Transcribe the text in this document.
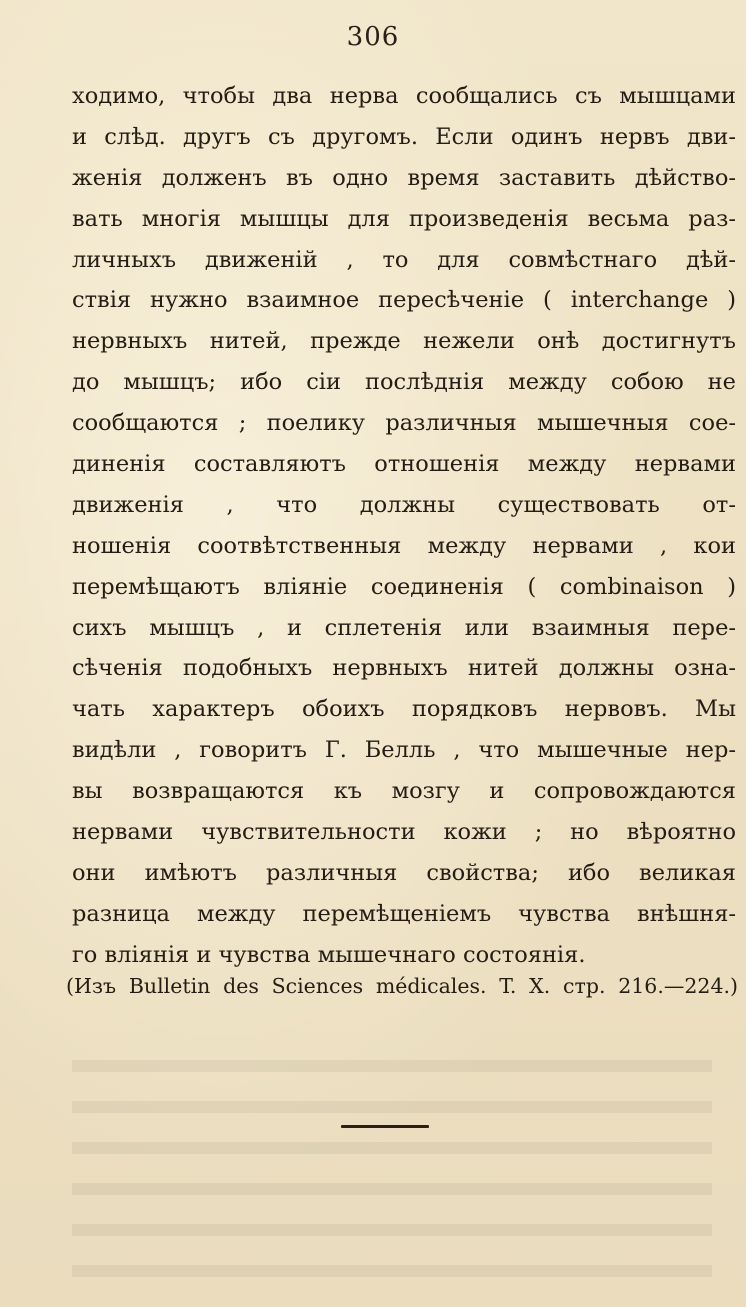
306
ходимо, чтобы два нерва сообщались съ мышцами
и слѣд. другъ съ другомъ. Если одинъ нервъ дви-
женія долженъ въ одно время заставить дѣйство-
вать многія мышцы для произведенія весьма раз-
личныхъ движеній , то для совмѣстнаго дѣй-
ствія нужно взаимное пересѣченіе ( interchange )
нервныхъ нитей, прежде нежели онѣ достигнутъ
до мышцъ; ибо сіи послѣднія между собою не
сообщаются ; поелику различныя мышечныя сое-
диненія составляютъ отношенія между нервами
движенія , что должны существовать от-
ношенія соотвѣтственныя между нервами , кои
перемѣщаютъ вліяніе соединенія ( combinaison )
сихъ мышцъ , и сплетенія или взаимныя пере-
сѣченія подобныхъ нервныхъ нитей должны озна-
чать характеръ обоихъ порядковъ нервовъ. Мы
видѣли , говоритъ Г. Белль , что мышечные нер-
вы возвращаются къ мозгу и сопровождаются
нервами чувствительности кожи ; но вѣроятно
они имѣютъ различныя свойства; ибо великая
разница между перемѣщеніемъ чувства внѣшня-
го вліянія и чувства мышечнаго состоянія.
(Изъ Bulletin des Sciences médicales. T. X. стр. 216.—224.)
